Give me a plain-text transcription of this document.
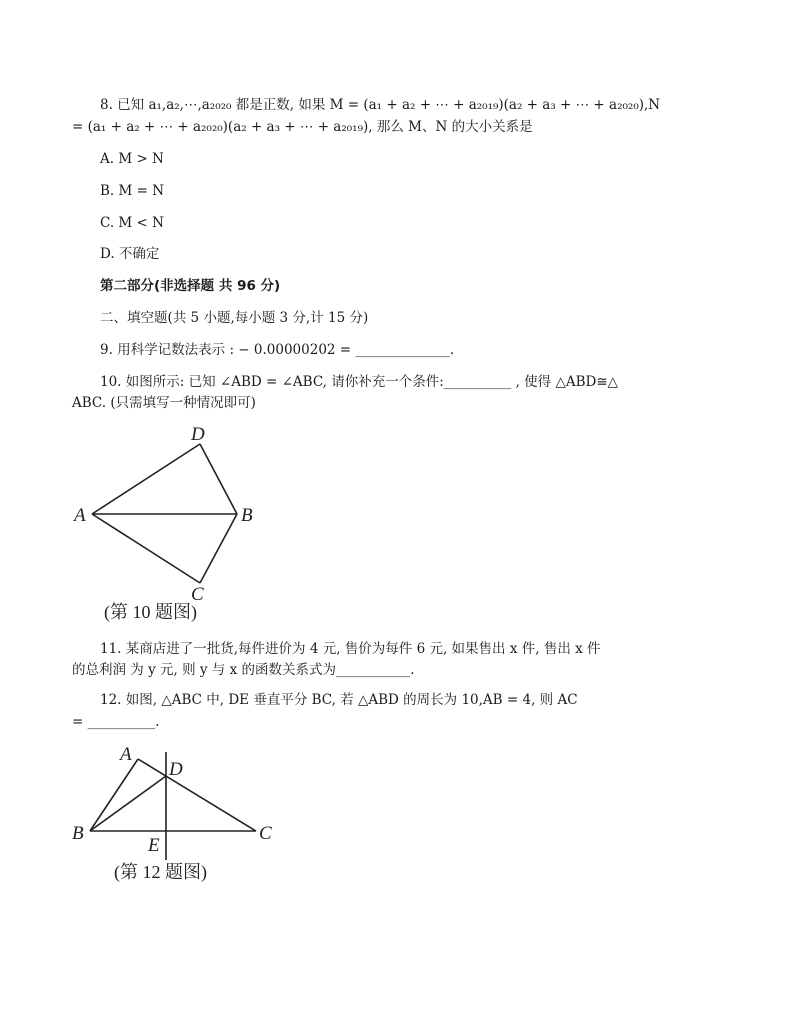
8. 已知 a₁,a₂,⋯,a₂₀₂₀ 都是正数, 如果 M = (a₁ + a₂ + ⋯ + a₂₀₁₉)(a₂ + a₃ + ⋯ + a₂₀₂₀),N
= (a₁ + a₂ + ⋯ + a₂₀₂₀)(a₂ + a₃ + ⋯ + a₂₀₁₉), 那么 M、N 的大小关系是
A. M > N
B. M = N
C. M < N
D. 不确定
第二部分(非选择题 共 96 分)
二、填空题(共 5 小题,每小题 3 分,计 15 分)
9. 用科学记数法表示 : − 0.00000202 = ______________.
10. 如图所示: 已知 ∠ABD = ∠ABC, 请你补充一个条件:__________ , 使得 △ABD≅△
ABC. (只需填写一种情况即可)
D
A	B
C
(第 10 题图)
11. 某商店进了一批货,每件进价为 4 元, 售价为每件 6 元, 如果售出 x 件, 售出 x 件
的总利润 为 y 元, 则 y 与 x 的函数关系式为___________.
12. 如图, △ABC 中, DE 垂直平分 BC, 若 △ABD 的周长为 10,AB = 4, 则 AC
= __________.
A
D
B
E
C
(第 12 题图)
